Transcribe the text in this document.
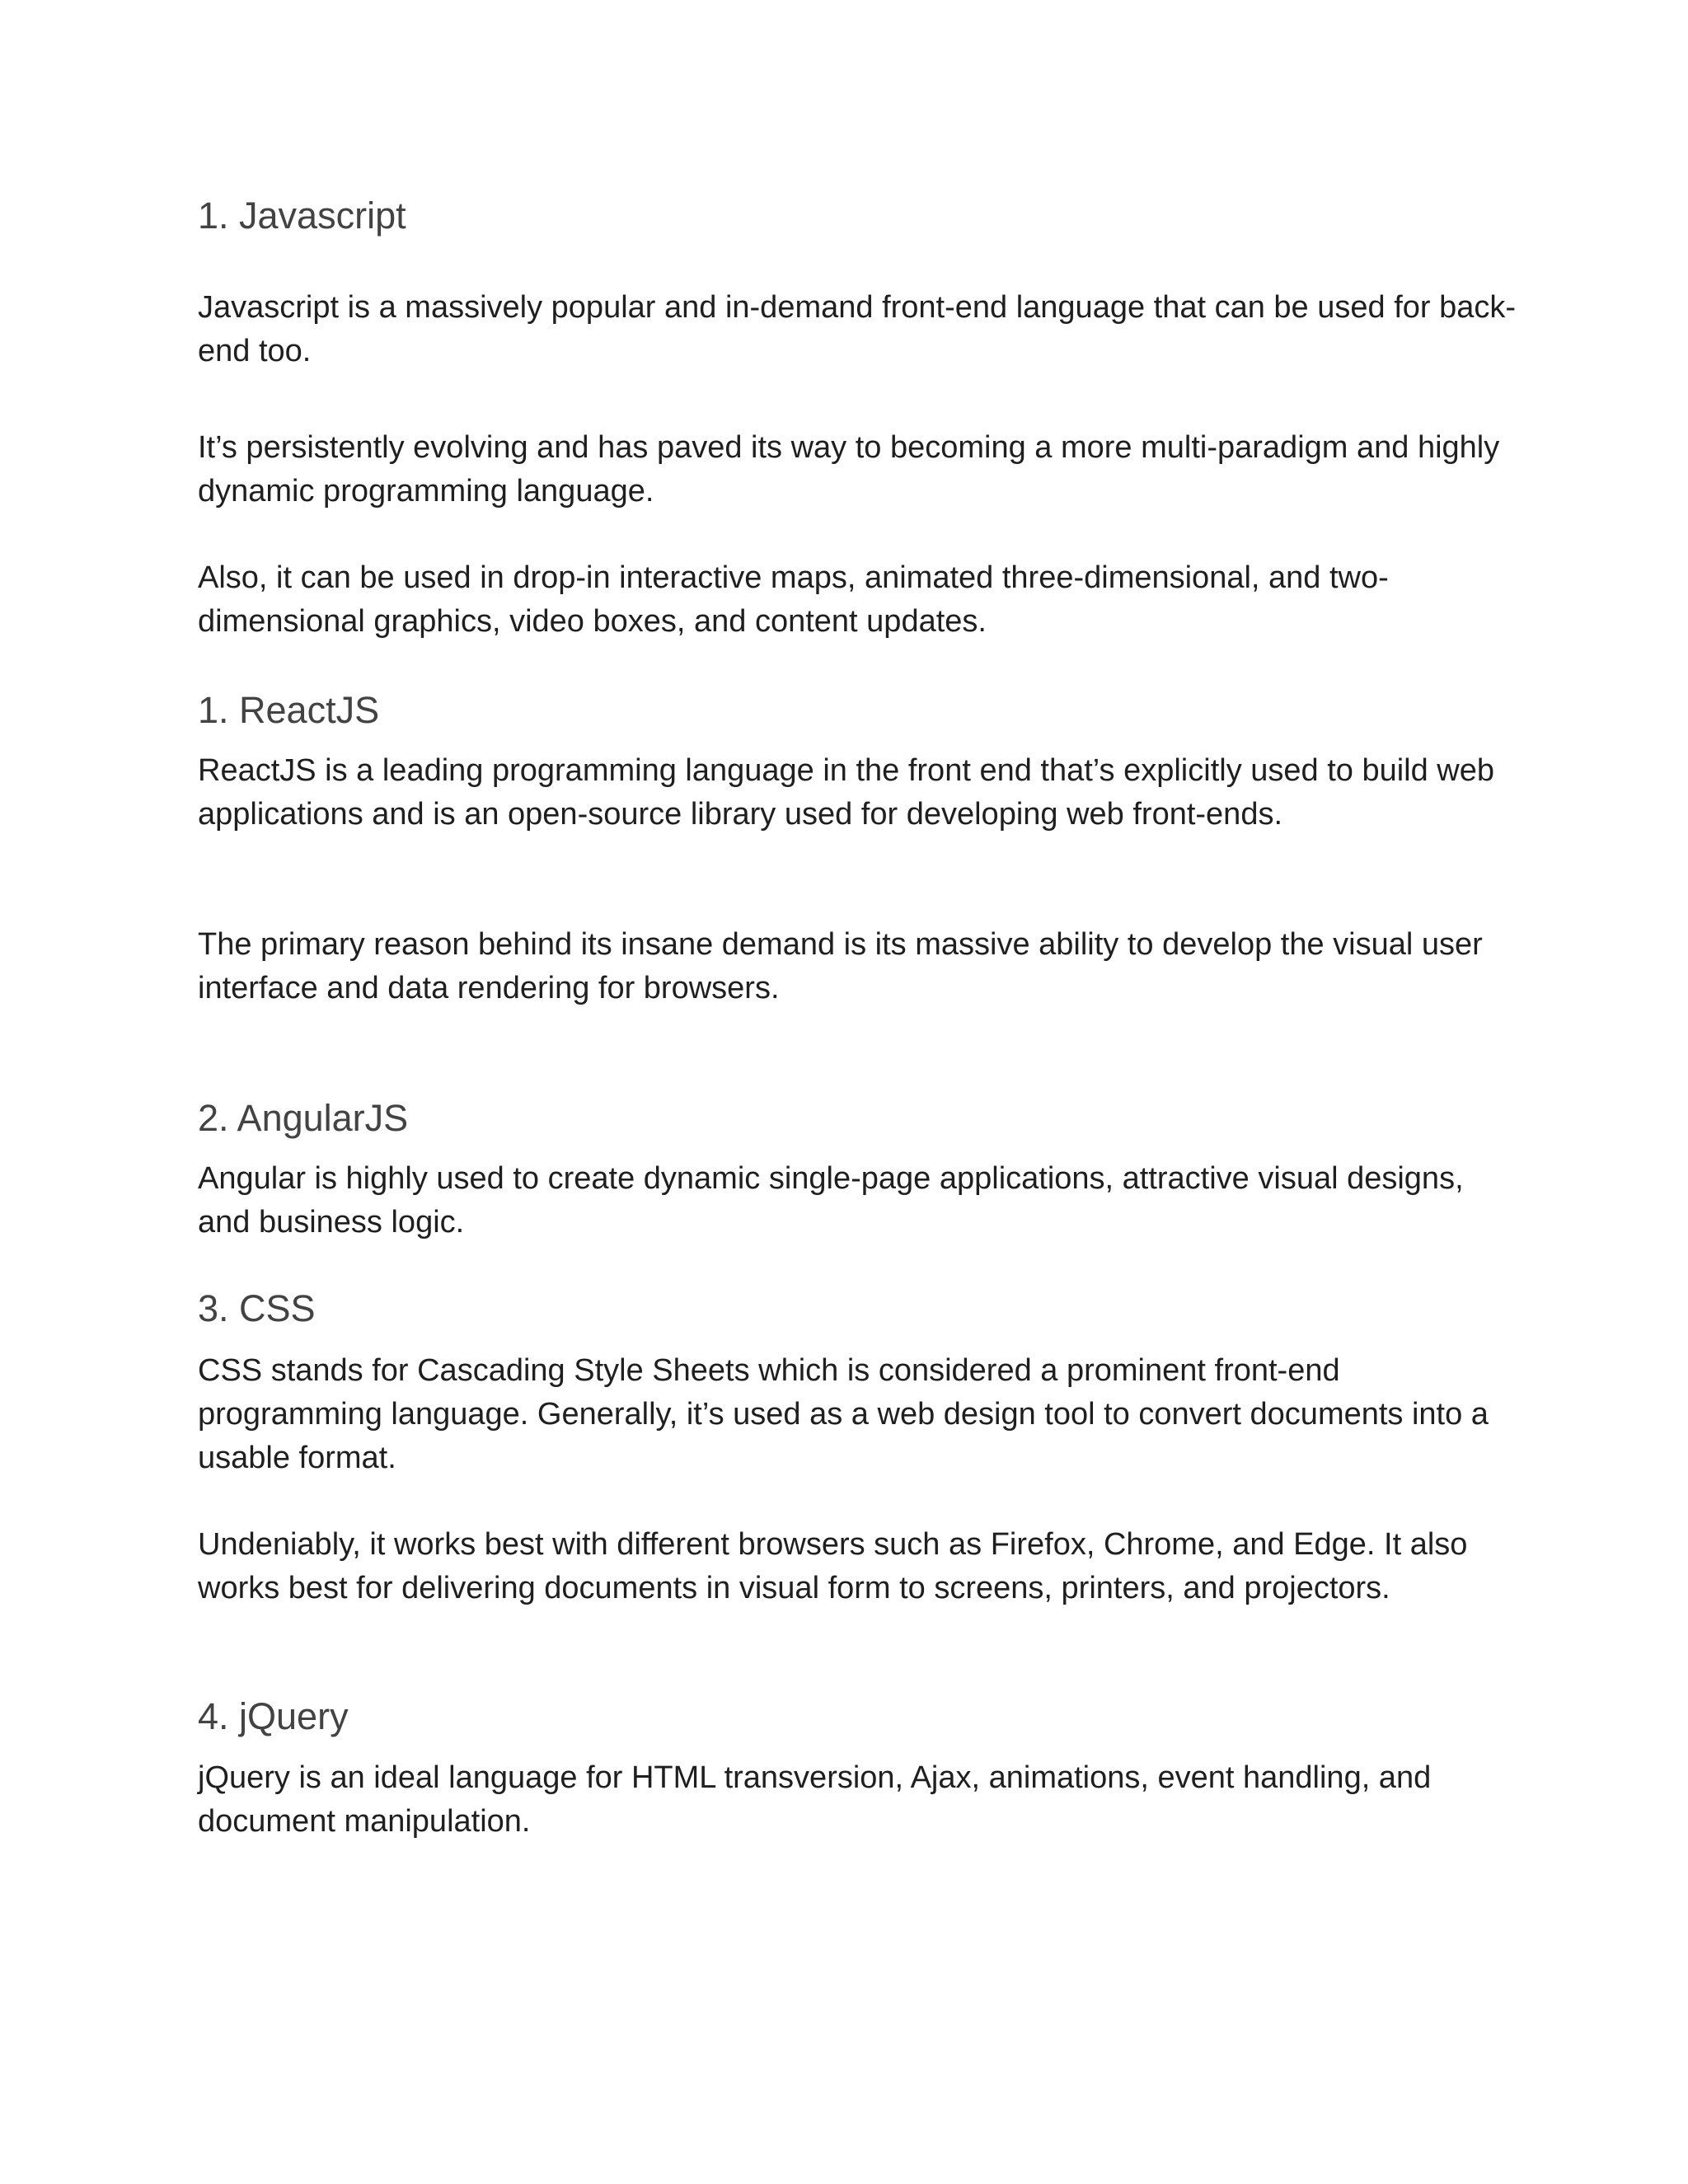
1. Javascript

Javascript is a massively popular and in-demand front-end language that can be used for back-end too.

It’s persistently evolving and has paved its way to becoming a more multi-paradigm and highly dynamic programming language.

Also, it can be used in drop-in interactive maps, animated three-dimensional, and two-dimensional graphics, video boxes, and content updates.

1. ReactJS

ReactJS is a leading programming language in the front end that’s explicitly used to build web applications and is an open-source library used for developing web front-ends.

The primary reason behind its insane demand is its massive ability to develop the visual user interface and data rendering for browsers.

2. AngularJS

Angular is highly used to create dynamic single-page applications, attractive visual designs, and business logic.

3. CSS

CSS stands for Cascading Style Sheets which is considered a prominent front-end programming language. Generally, it’s used as a web design tool to convert documents into a usable format.

Undeniably, it works best with different browsers such as Firefox, Chrome, and Edge. It also works best for delivering documents in visual form to screens, printers, and projectors.

4. jQuery

jQuery is an ideal language for HTML transversion, Ajax, animations, event handling, and document manipulation.
